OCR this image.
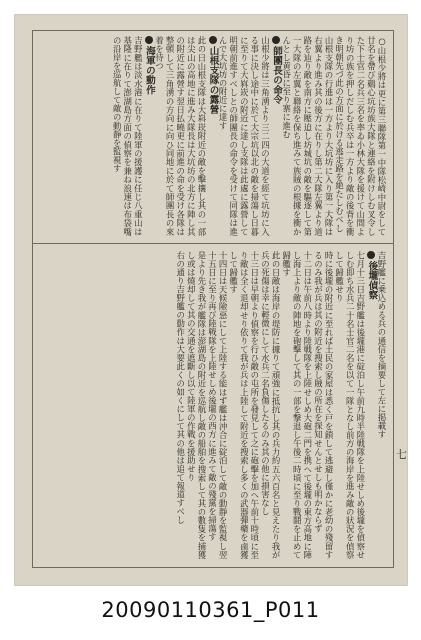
○山根少將は更に第三聯隊第一中隊松崎中尉をして廿名を帶び鷄心坑坊族大隊と連絡を附けしむ叉令した下士官二名兵三名を率ゐ小林大隊を援けて山間より坊の族を押しだしむ兵卒は一方より敵の後背を衝き明朝先づ此の方面に於ける逃走路を絶たしむべし

山根支隊の行進は一方より大坑坊に入り第一大隊は右翼より進み其の後方に在りし第二大隊左翼より道路を辿り敵を南方に壓迫し坊城坑の敵を驅逐して第一大隊の左翼と聯絡を保ち進みて族賊の根據を衝かんとし黄昏に至り寨に進む

師團長の命令

山根少將は三角湧より三二四の大道を經て坑坊に入る事に決し途中に於て大宗坑以北の敵を掃蕩し日暮に至りて大嵙崁の附近に達し支隊は此處に露營して明朝前進すべしとの師團長の命令を受けて同隊は進んで大坑坊の附近に達す

山根支隊の露營

此の日山根支隊は大嵙崁附近の敵を擊攘し其の一部は尖山の高地に進み大隊長は大坑坊の北方に陣し其の附近に露營す翌日払曉更に前進の命を受け各隊は整頓して三角湧の方向に向ひ同地に於て師團長の來着を待つ

海軍の動作

吉野艦は淡水港に在りて陸軍の援護に任じ八重山は基隆に在りて澎湖島方面の偵察を兼ね浪速は布袋嘴の沿岸を巡航して敵の動靜を監視す

吉野艦に乗込める兵の通信を摘要して左に掲載す

後壠偵察

七月十三日吉野艦は後壠港に碇泊し午前九時半陸戦隊を上陸せしめ後壠を偵察せしむ即ち水兵二十名士官二名を以て一隊となし前方の海岸を進み敵の狀況を偵察して歸艦せり

時に後壠の附近に至れば土民の家屋は悉く戸を鎖して逃避し僅かに老幼の殘留するのみ我が兵は其の附近を搜索し賊の所在を探知せんとせしも明かならず

十二日は午前八時より陸戦隊を上陸せしめ大砲二門を携へて後壠の東方高地に陣し海上より敵の陣地を砲擊して其の一部を撃退し午後二時頃に至り戰鬪を止めて歸艦す

此の日敵は海岸の堤防に據りて頑強に抵抗し其の兵力約五六百名と見えたり我が兵の死傷は幸に輕微にして水兵二名負傷したるのみ其の他に損害なし

十三日は早朝より偵察を行ひ敵の屯所を發見して之に砲擊を加へ午前十時頃に至り敵は全く退却せり依りて我が兵は上陸して附近を搜索し多くの武器彈藥を鹵獲して歸艦す

十四日は天候險惡にして上陸する能はず艦は沖合に碇泊して敵の動靜を監視し翌十五日に至り再び陸戦隊を上陸せしめ後壠の西方に進みて敵の殘黨を掃蕩す

是より先き我が艦隊は澎湖島の附近を巡航し敵の船舶を搜索して其の數隻を捕獲し或は燒却して其の交通を遮斷し以て陸軍の作戰を援助せり

右の通り吉野艦の動作は大要此くの如くにして其の他は追て報道すべし	七
20090110361_P011
